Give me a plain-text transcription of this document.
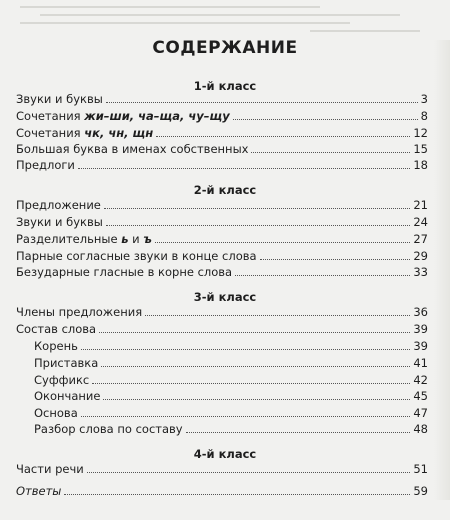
СОДЕРЖАНИЕ
1-й класс
Звуки и буквы	3
Сочетания жи–ши, ча–ща, чу–щу	8
Сочетания чк, чн, щн	12
Большая буква в именах собственных	15
Предлоги	18
2-й класс
Предложение	21
Звуки и буквы	24
Разделительные ь и ъ	27
Парные согласные звуки в конце слова	29
Безударные гласные в корне слова	33
3-й класс
Члены предложения	36
Состав слова	39
Корень	39
Приставка	41
Суффикс	42
Окончание	45
Основа	47
Разбор слова по составу	48
4-й класс
Части речи	51
Ответы	59
